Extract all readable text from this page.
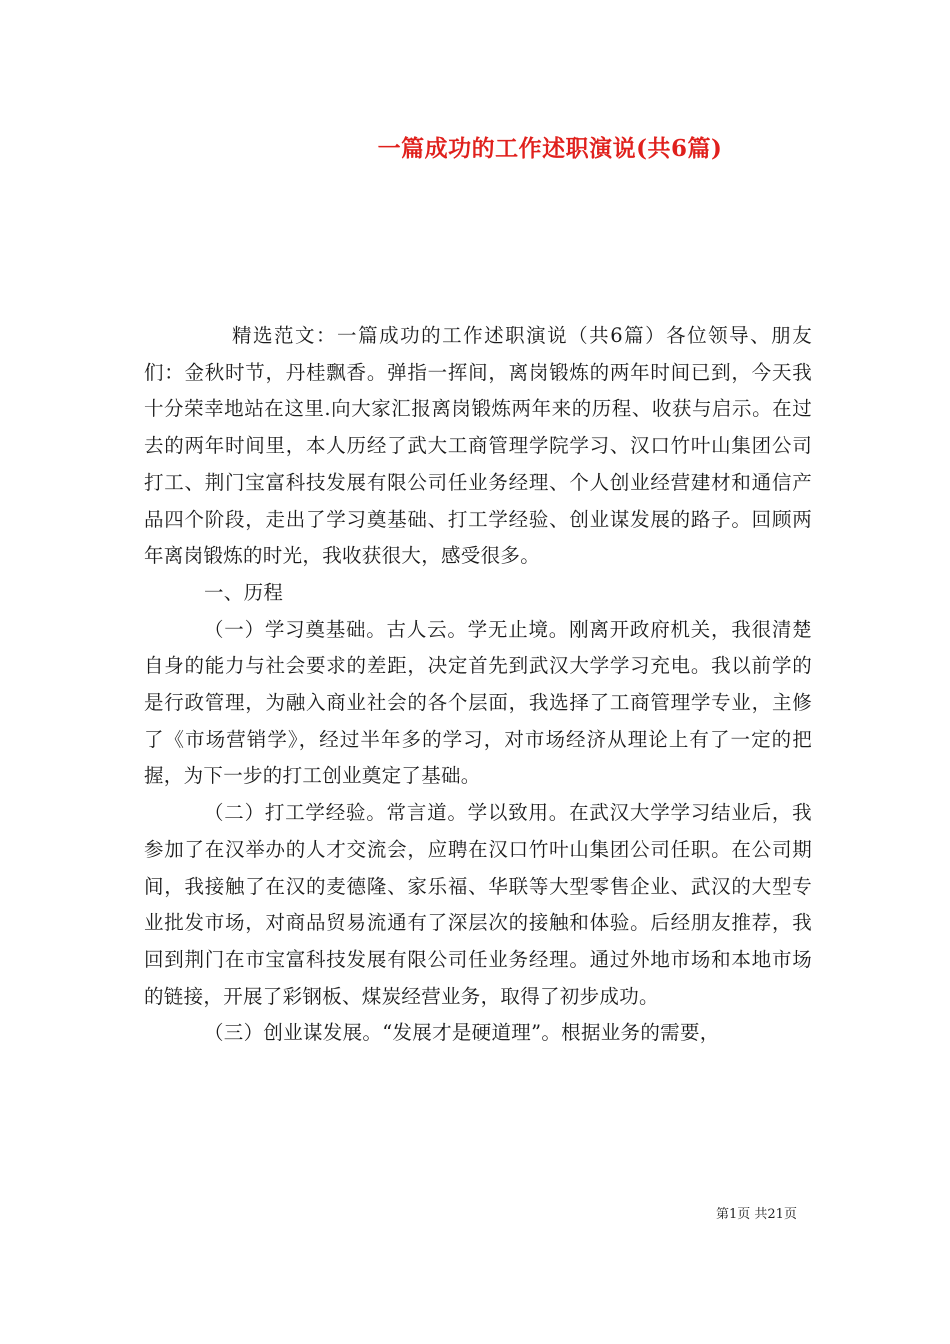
一篇成功的工作述职演说(共6篇)

精选范文：一篇成功的工作述职演说（共6篇）各位领导、朋友们：金秋时节，丹桂飘香。弹指一挥间，离岗锻炼的两年时间已到，今天我十分荣幸地站在这里.向大家汇报离岗锻炼两年来的历程、收获与启示。在过去的两年时间里，本人历经了武大工商管理学院学习、汉口竹叶山集团公司打工、荆门宝富科技发展有限公司任业务经理、个人创业经营建材和通信产品四个阶段，走出了学习奠基础、打工学经验、创业谋发展的路子。回顾两年离岗锻炼的时光，我收获很大，感受很多。

一、历程

（一）学习奠基础。古人云。学无止境。刚离开政府机关，我很清楚自身的能力与社会要求的差距，决定首先到武汉大学学习充电。我以前学的是行政管理，为融入商业社会的各个层面，我选择了工商管理学专业，主修了《市场营销学》，经过半年多的学习，对市场经济从理论上有了一定的把握，为下一步的打工创业奠定了基础。

（二）打工学经验。常言道。学以致用。在武汉大学学习结业后，我参加了在汉举办的人才交流会，应聘在汉口竹叶山集团公司任职。在公司期间，我接触了在汉的麦德隆、家乐福、华联等大型零售企业、武汉的大型专业批发市场，对商品贸易流通有了深层次的接触和体验。后经朋友推荐，我回到荆门在市宝富科技发展有限公司任业务经理。通过外地市场和本地市场的链接，开展了彩钢板、煤炭经营业务，取得了初步成功。

（三）创业谋发展。“发展才是硬道理”。根据业务的需要，

第1页 共21页
